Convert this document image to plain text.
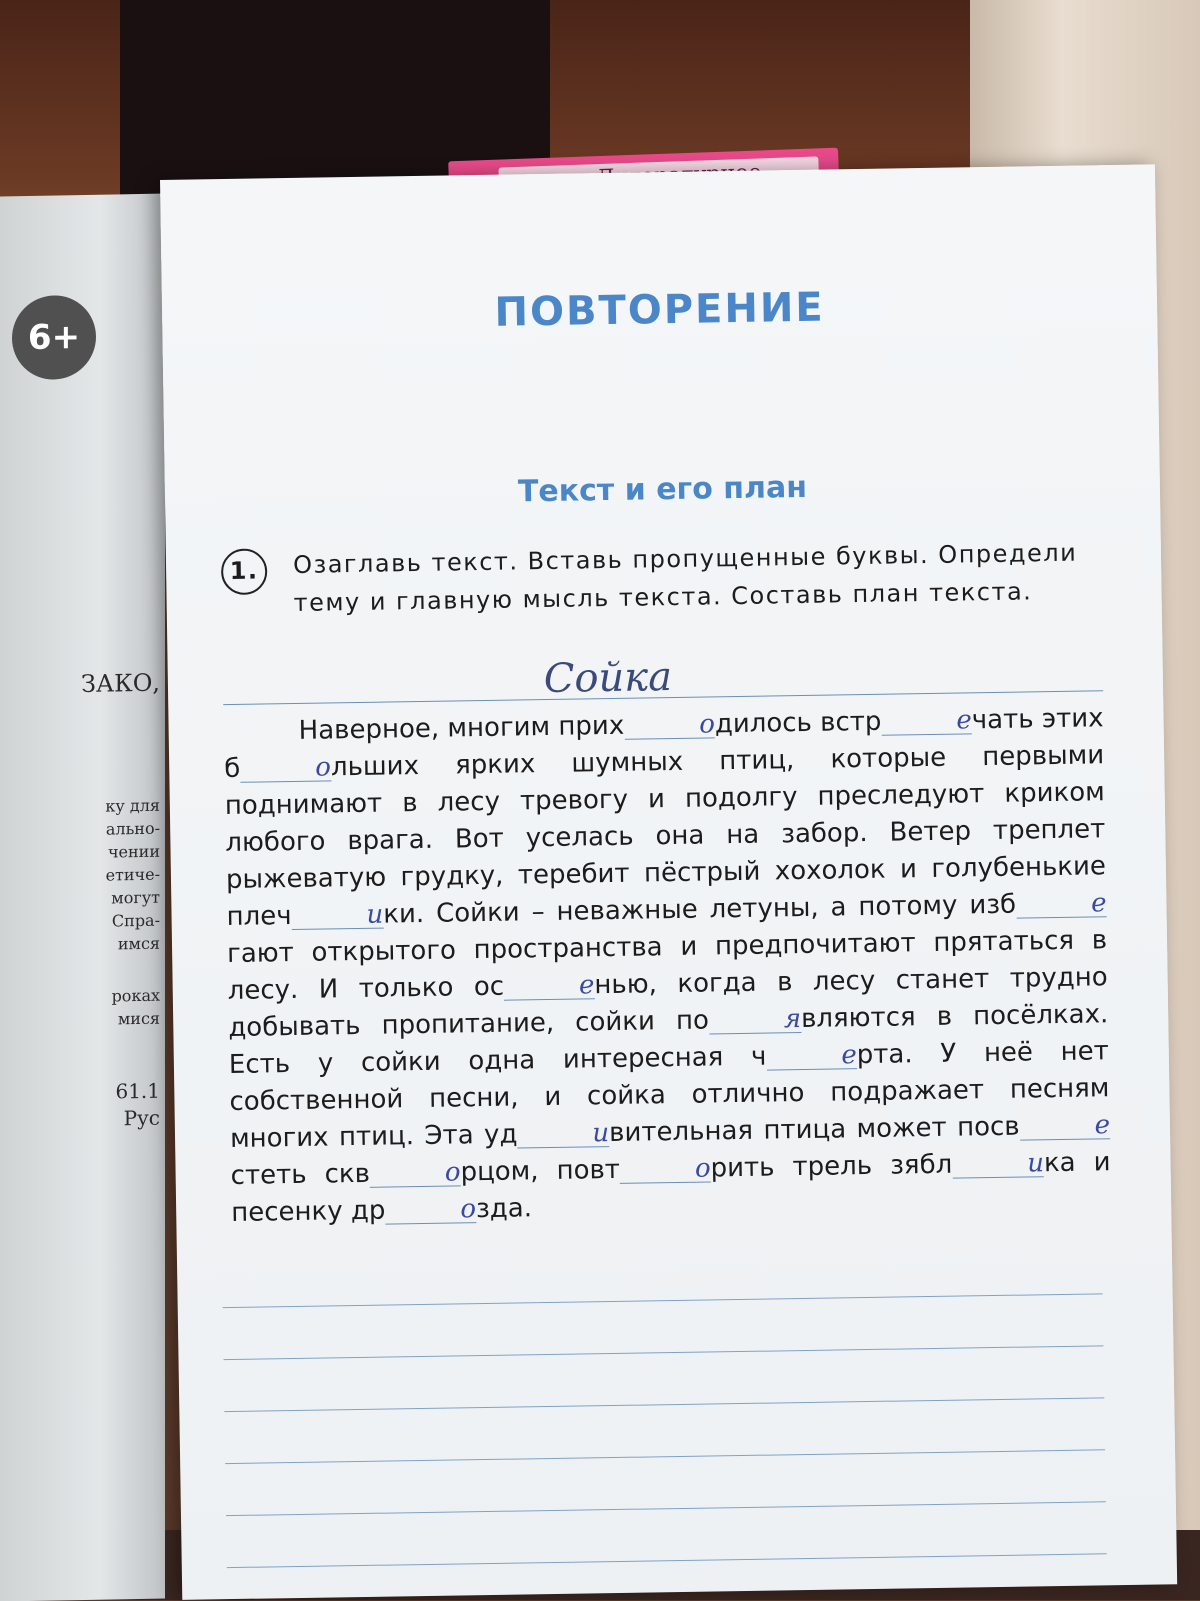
6+
ЗАКО,
ку для
ально-
чении
етиче-
могут
Спра-
имся
роках
мися
61.1
Рус
ПОВТОРЕНИЕ
Текст и его план
1.	Озаглавь текст. Вставь пропущенные буквы. Определи тему и главную мысль текста. Составь план текста.
Сойка

Наверное, многим прих	одилось встр	ечать этих б	ольших ярких шумных птиц, которые первыми поднимают в лесу тревогу и подолгу преследуют криком любого врага. Вот уселась она на забор. Ветер треплет рыжеватую грудку, теребит пёстрый хохолок и голубенькие плеч	ики. Сойки – неважные летуны, а потому изб	егают открытого пространства и предпочитают прятаться в лесу. И только ос	енью, когда в лесу станет трудно добывать пропитание, сойки по	являются в посёлках. Есть у сойки одна интересная ч	ерта. У неё нет собственной песни, и сойка отлично подражает песням многих птиц. Эта уд	ивительная птица может посв	естеть скв	орцом, повт	орить трель зябл	ика и песенку др	озда.
